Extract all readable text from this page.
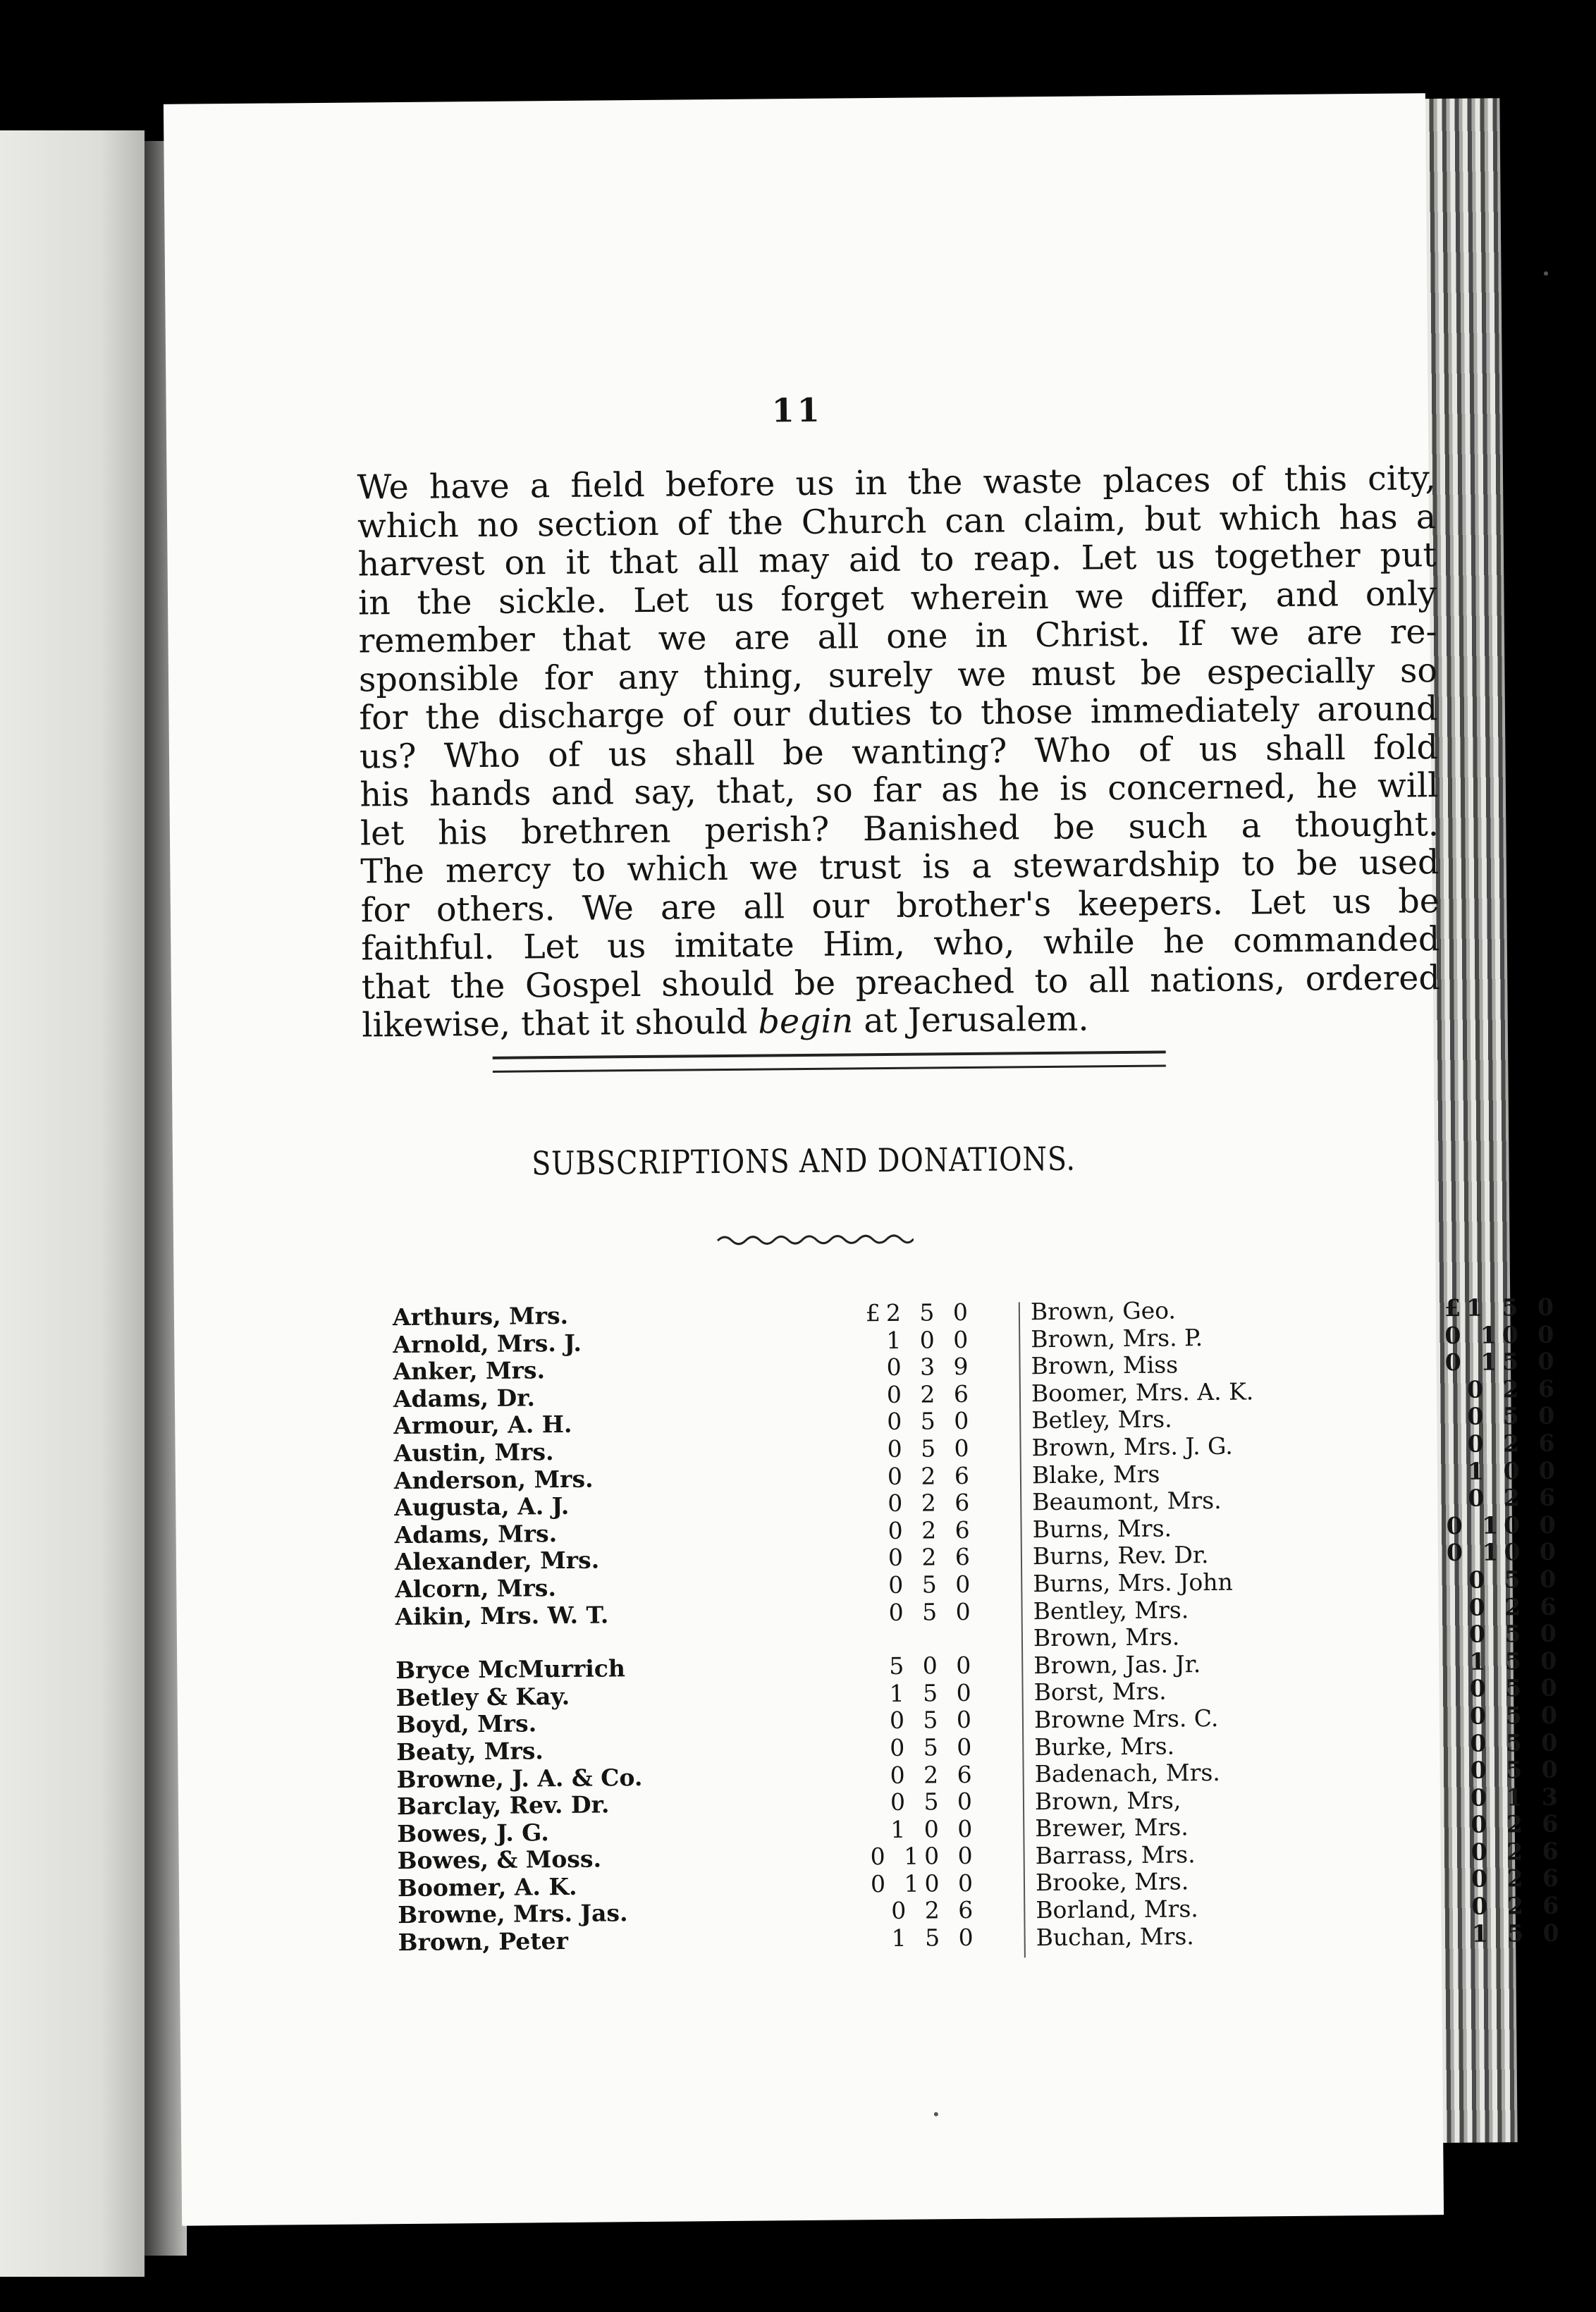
11
We have a field before us in the waste places of this city,
which no section of the Church can claim, but which has a
harvest on it that all may aid to reap. Let us together put
in the sickle. Let us forget wherein we differ, and only
remember that we are all one in Christ. If we are re-
sponsible for any thing, surely we must be especially so
for the discharge of our duties to those immediately around
us? Who of us shall be wanting? Who of us shall fold
his hands and say, that, so far as he is concerned, he will
let his brethren perish? Banished be such a thought.
The mercy to which we trust is a stewardship to be used
for others. We are all our brother's keepers. Let us be
faithful. Let us imitate Him, who, while he commanded
that the Gospel should be preached to all nations, ordered
likewise, that it should begin at Jerusalem.
SUBSCRIPTIONS AND DONATIONS.
Arthurs, Mrs.	£2 5 0
Arnold, Mrs. J.	1 0 0
Anker, Mrs.	0 3 9
Adams, Dr.	0 2 6
Armour, A. H.	0 5 0
Austin, Mrs.	0 5 0
Anderson, Mrs.	0 2 6
Augusta, A. J.	0 2 6
Adams, Mrs.	0 2 6
Alexander, Mrs.	0 2 6
Alcorn, Mrs.	0 5 0
Aikin, Mrs. W. T.	0 5 0
Bryce McMurrich	5 0 0
Betley & Kay.	1 5 0
Boyd, Mrs.	0 5 0
Beaty, Mrs.	0 5 0
Browne, J. A. & Co.	0 2 6
Barclay, Rev. Dr.	0 5 0
Bowes, J. G.	1 0 0
Bowes, & Moss.	0 10 0
Boomer, A. K.	0 10 0
Browne, Mrs. Jas.	0 2 6
Brown, Peter	1 5 0
Brown, Geo.	£1 5 0
Brown, Mrs. P.	0 10 0
Brown, Miss	0 15 0
Boomer, Mrs. A. K.	0 2 6
Betley, Mrs.	0 5 0
Brown, Mrs. J. G.	0 2 6
Blake, Mrs	1 0 0
Beaumont, Mrs.	0 2 6
Burns, Mrs.	0 10 0
Burns, Rev. Dr.	0 10 0
Burns, Mrs. John	0 5 0
Bentley, Mrs.	0 2 6
Brown, Mrs.	0 5 0
Brown, Jas. Jr.	1 5 0
Borst, Mrs.	0 5 0
Browne Mrs. C.	0 5 0
Burke, Mrs.	0 5 0
Badenach, Mrs.	0 5 0
Brown, Mrs,	0 1 3
Brewer, Mrs.	0 2 6
Barrass, Mrs.	0 2 6
Brooke, Mrs.	0 2 6
Borland, Mrs.	0 2 6
Buchan, Mrs.	1 5 0
